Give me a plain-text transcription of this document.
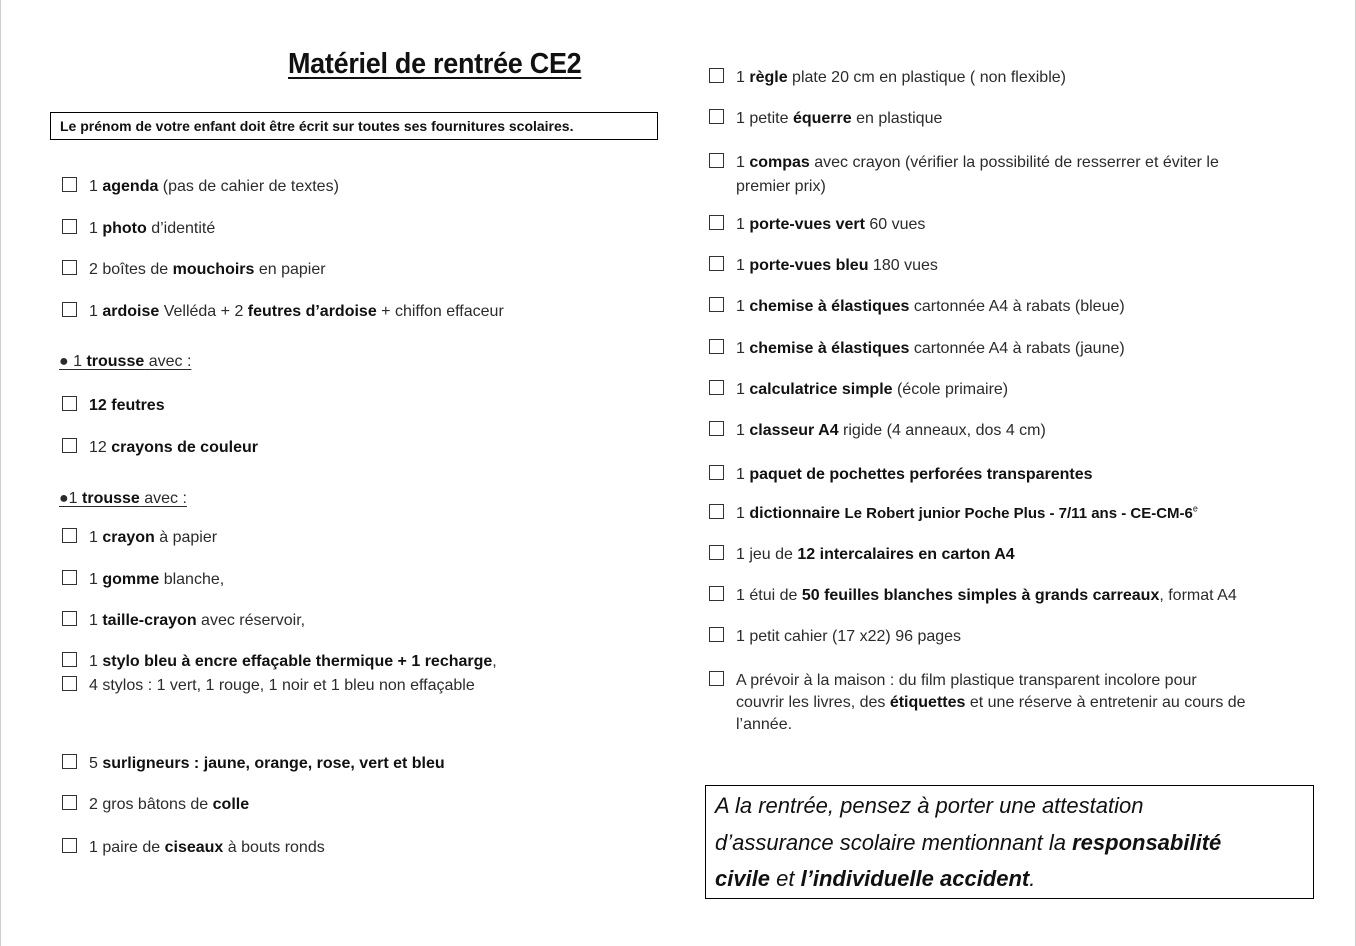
Matériel de rentrée CE2
Le prénom de votre enfant doit être écrit sur toutes ses fournitures scolaires.
1 agenda (pas de cahier de textes)
1 photo d’identité
2 boîtes de mouchoirs en papier
1 ardoise Velléda + 2 feutres d’ardoise + chiffon effaceur
● 1 trousse avec :
12 feutres
12 crayons de couleur
●1 trousse avec :
1 crayon à papier
1 gomme blanche,
1 taille-crayon avec réservoir,
1 stylo bleu à encre effaçable thermique + 1 recharge,
4 stylos : 1 vert, 1 rouge, 1 noir et 1 bleu non effaçable
5 surligneurs : jaune, orange, rose, vert et bleu
2 gros bâtons de colle
1 paire de ciseaux à bouts ronds
1 règle plate 20 cm en plastique ( non flexible)
1 petite équerre en plastique
1 compas avec crayon (vérifier la possibilité de resserrer et éviter le
premier prix)
1 porte-vues vert 60 vues
1 porte-vues bleu 180 vues
1 chemise à élastiques cartonnée A4 à rabats (bleue)
1 chemise à élastiques cartonnée A4 à rabats (jaune)
1 calculatrice simple (école primaire)
1 classeur A4 rigide (4 anneaux, dos 4 cm)
1 paquet de pochettes perforées transparentes
1 dictionnaire Le Robert junior Poche Plus - 7/11 ans - CE-CM-6e
1 jeu de 12 intercalaires en carton A4
1 étui de 50 feuilles blanches simples à grands carreaux, format A4
1 petit cahier (17 x22) 96 pages
A prévoir à la maison : du film plastique transparent incolore pour
couvrir les livres, des étiquettes et une réserve à entretenir au cours de
l’année.
A la rentrée, pensez à porter une attestation
d’assurance scolaire mentionnant la responsabilité
civile et l’individuelle accident.
